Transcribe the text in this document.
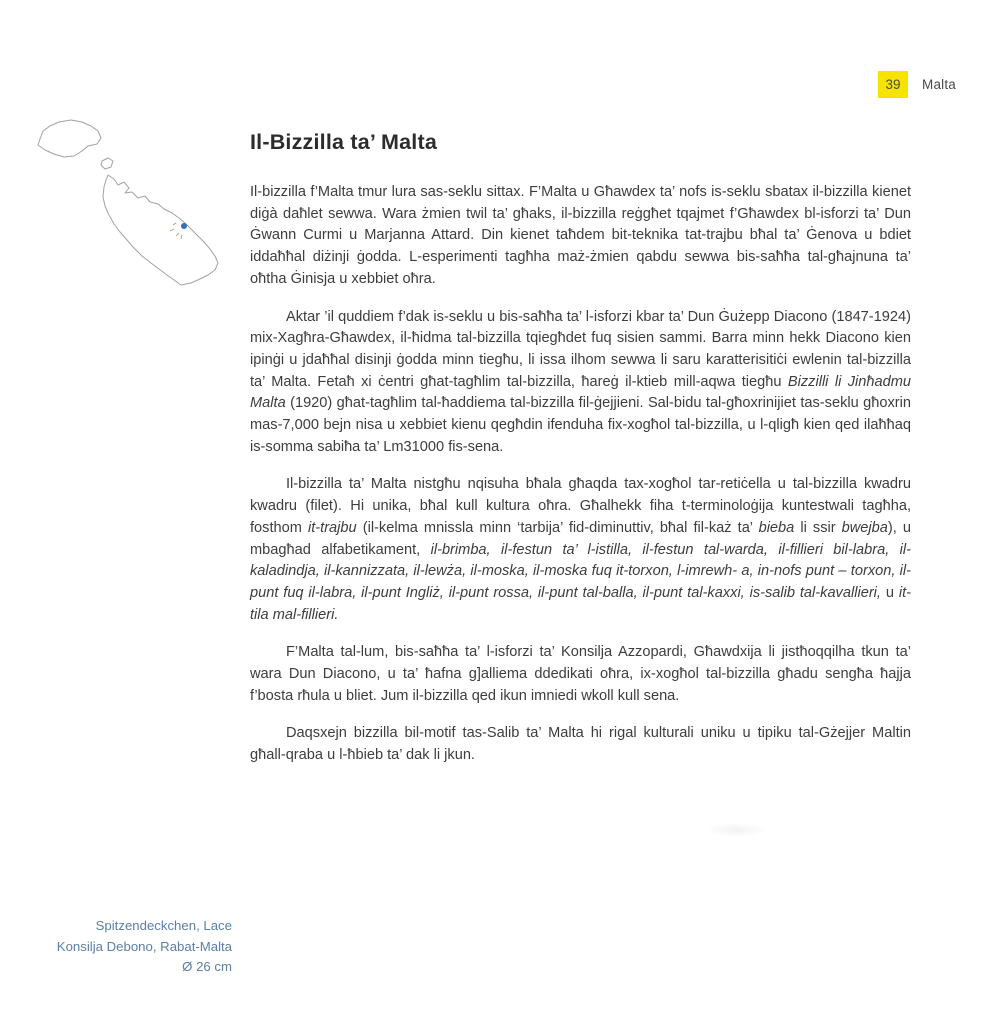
39	Malta
Il-Bizzilla ta’ Malta

Il-bizzilla f’Malta tmur lura sas-seklu sittax. F’Malta u Għawdex ta’ nofs is-seklu sbatax il-bizzilla kienet diġà daħlet sewwa. Wara żmien twil ta’ għaks, il-bizzilla reġgħet tqajmet f’Għawdex bl-isforzi ta’ Dun Ġwann Curmi u Marjanna Attard. Din kienet taħdem bit-teknika tat-trajbu bħal ta’ Ġenova u bdiet iddaħħal diżinji ġodda. L-esperimenti tagħha maż-żmien qabdu sewwa bis-saħħa tal-għajnuna ta’ oħtha Ġinisja u xebbiet oħra.

Aktar ’il quddiem f’dak is-seklu u bis-saħħa ta’ l-isforzi kbar ta’ Dun Ġużepp Diacono (1847-1924) mix-Xagħra-Għawdex, il-ħidma tal-bizzilla tqiegħdet fuq sisien sammi. Barra minn hekk Diacono kien ipinġi u jdaħħal disinji ġodda minn tiegħu, li issa ilhom sewwa li saru karatterisitiċi ewlenin tal-bizzilla ta’ Malta. Fetaħ xi ċentri għat-tagħlim tal-bizzilla, ħareġ il-ktieb mill-aqwa tiegħu Bizzilli li Jinħadmu Malta (1920) għat-tagħlim tal-ħaddiema tal-bizzilla fil-ġejjieni. Sal-bidu tal-għoxrinijiet tas-seklu għoxrin mas-7,000 bejn nisa u xebbiet kienu qegħdin ifenduha fix-xogħol tal-bizzilla, u l-qligħ kien qed ilaħħaq is-somma sabiħa ta’ Lm31000 fis-sena.

Il-bizzilla ta’ Malta nistgħu nqisuha bħala għaqda tax-xogħol tar-retiċella u tal-bizzilla kwadru kwadru (filet). Hi unika, bħal kull kultura oħra. Għalhekk fiha t-terminoloġija kuntestwali tagħha, fosthom it-trajbu (il-kelma mnissla minn ‘tarbija’ fid-diminuttiv, bħal fil-każ ta’ bieba li ssir bwejba), u mbagħad alfabetikament, il-brimba, il-festun ta’ l-istilla, il-festun tal-warda, il-fillieri bil-labra, il-kaladindja, il-kannizzata, il-lewża, il-moska, il-moska fuq it-torxon, l-imrewh- a, in-nofs punt – torxon, il-punt fuq il-labra, il-punt Ingliż, il-punt rossa, il-punt tal-balla, il-punt tal-kaxxi, is-salib tal-kavallieri, u it-tila mal-fillieri.

F’Malta tal-lum, bis-saħħa ta’ l-isforzi ta’ Konsilja Azzopardi, Għawdxija li jistħoqqilha tkun ta’ wara Dun Diacono, u ta’ ħafna g]alliema ddedikati oħra, ix-xogħol tal-bizzilla għadu sengħa ħajja f’bosta rħula u bliet. Jum il-bizzilla qed ikun imniedi wkoll kull sena.

Daqsxejn bizzilla bil-motif tas-Salib ta’ Malta hi rigal kulturali uniku u tipiku tal-Gżejjer Maltin għall-qraba u l-ħbieb ta’ dak li jkun.

Spitzendeckchen, Lace
Konsilja Debono, Rabat-Malta
Ø 26 cm
